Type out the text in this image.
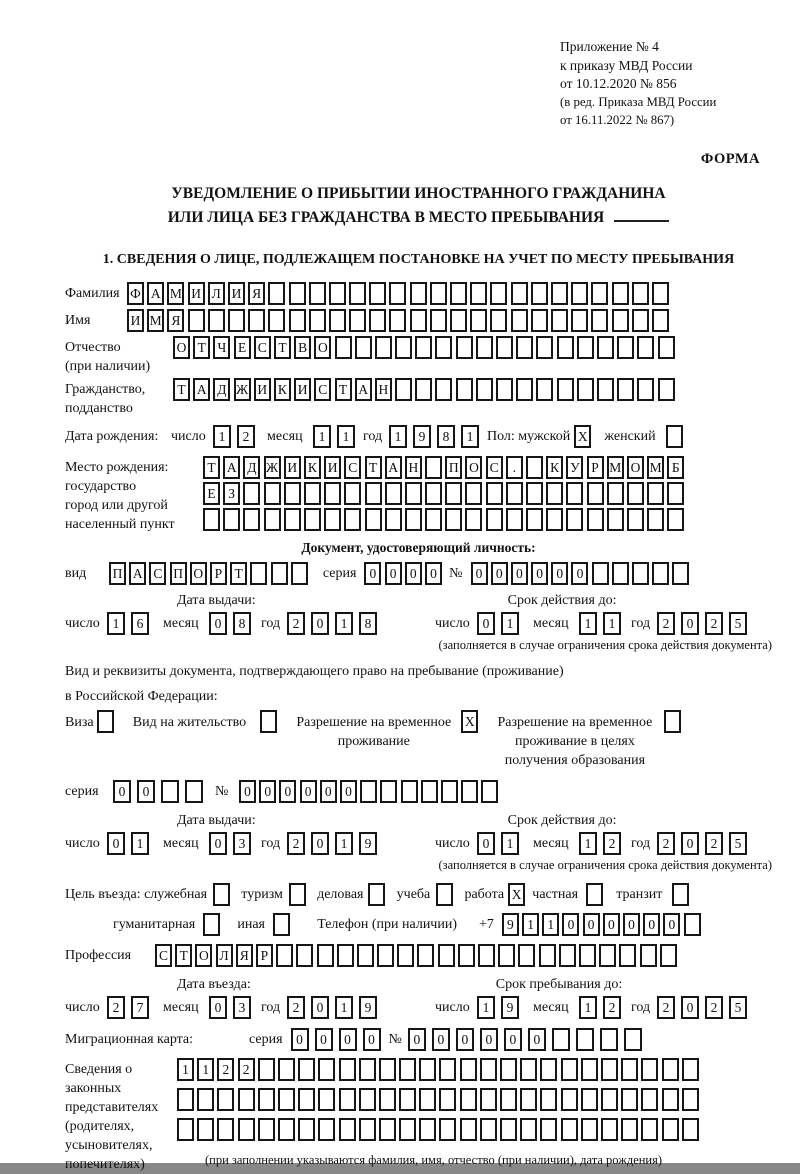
Приложение № 4
к приказу МВД России
от 10.12.2020 № 856
(в ред. Приказа МВД России
от 16.11.2022 № 867)
ФОРМА
УВЕДОМЛЕНИЕ О ПРИБЫТИИ ИНОСТРАННОГО ГРАЖДАНИНА
ИЛИ ЛИЦА БЕЗ ГРАЖДАНСТВА В МЕСТО ПРЕБЫВАНИЯ
1. СВЕДЕНИЯ О ЛИЦЕ, ПОДЛЕЖАЩЕМ ПОСТАНОВКЕ НА УЧЕТ ПО МЕСТУ ПРЕБЫВАНИЯ
Фамилия Ф А М И Л И Я
Имя	И М Я
Отчество
(при наличии)
О Т Ч Е С Т В О
Гражданство,
подданство
Т А Д Ж И К И С Т А Н
Дата рождения: число 1	2	месяц	1	1 год 1	9	8	1 Пол: мужской X женский
Место рождения:
государство
город или другой
населенный пункт
Т А Д Ж И К И С Т А Н П О С	.	К У Р М О М Б
Е З
Документ, удостоверяющий личность:
вид	П А С П О Р Т	серия 0 0 0 0 № 0 0 0 0 0 0
Дата выдачи:	Срок действия до:
число 1	6	месяц	0	8	год 2	0	1	8	число 0	1	месяц	1	1	год 2	0	2	5
(заполняется в случае ограничения срока действия документа)
Вид и реквизиты документа, подтверждающего право на пребывание (проживание)
в Российской Федерации:
Виза	Вид на жительство	Разрешение на временное
проживание
X Разрешение на временное
проживание в целях
получения образования
серия	0	0	№	0 0 0 0 0 0
Дата выдачи:	Срок действия до:
число 0	1	месяц	0	3	год 2	0	1	9	число 0	1	месяц	1	2	год 2	0	2	5
(заполняется в случае ограничения срока действия документа)
Цель въезда: служебная туризм деловая учеба работа X частная	транзит
гуманитарная	иная	Телефон (при наличии) +7 9 1 1 0 0 0 0 0 0
Профессия	С Т О Л Я Р
Дата въезда:	Срок пребывания до:
число 2	7	месяц	0	3	год 2	0	1	9	число 1	9	месяц	1	2	год 2	0	2	5
Миграционная карта:	серия	0	0	0	0 № 0	0	0	0	0	0
Сведения о
законных
представителях
(родителях,
усыновителях,
попечителях)
1 1 2 2
(при заполнении указываются фамилия, имя, отчество (при наличии), дата рождения)
